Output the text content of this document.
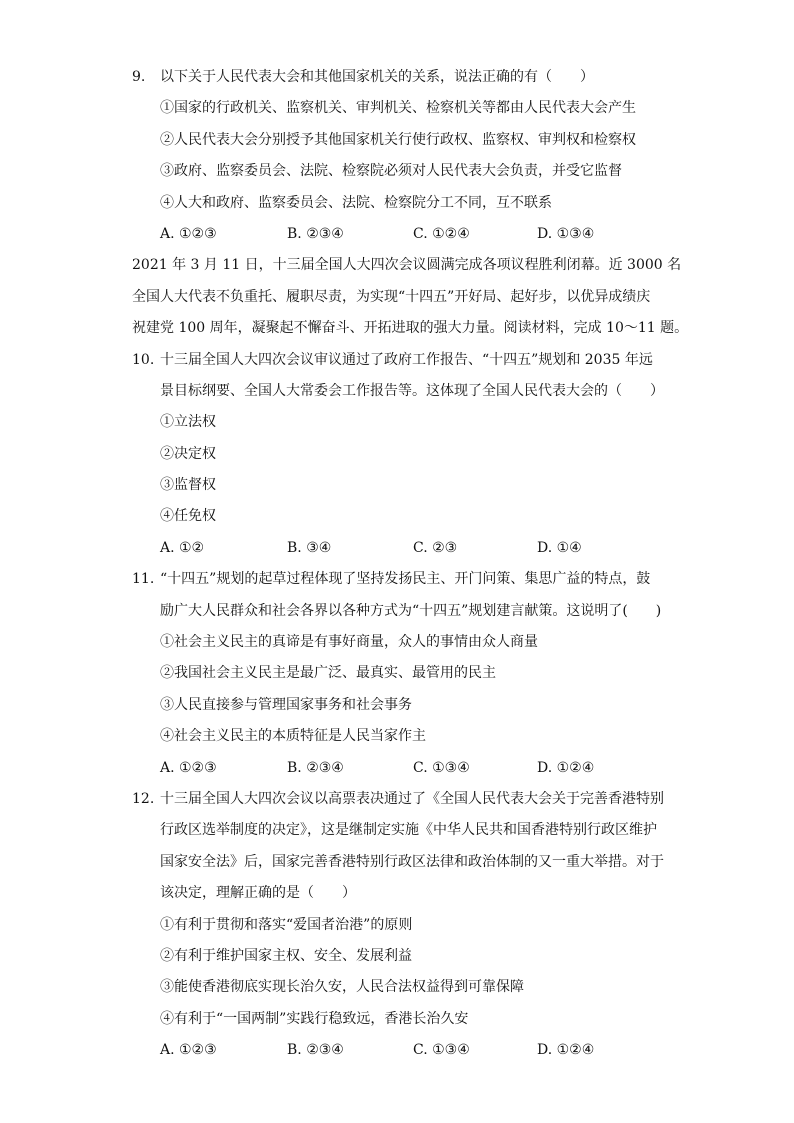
9. 以下关于人民代表大会和其他国家机关的关系，说法正确的有（　　）
①国家的行政机关、监察机关、审判机关、检察机关等都由人民代表大会产生
②人民代表大会分别授予其他国家机关行使行政权、监察权、审判权和检察权
③政府、监察委员会、法院、检察院必须对人民代表大会负责，并受它监督
④人大和政府、监察委员会、法院、检察院分工不同，互不联系
A. ①②③	B. ②③④	C. ①②④	D. ①③④
2021 年 3 月 11 日，十三届全国人大四次会议圆满完成各项议程胜利闭幕。近 3000 名
全国人大代表不负重托、履职尽责，为实现“十四五”开好局、起好步，以优异成绩庆
祝建党 100 周年，凝聚起不懈奋斗、开拓进取的强大力量。阅读材料，完成 10～11 题。
10. 十三届全国人大四次会议审议通过了政府工作报告、“十四五”规划和 2035 年远
景目标纲要、全国人大常委会工作报告等。这体现了全国人民代表大会的（　　）
①立法权
②决定权
③监督权
④任免权
A. ①②	B. ③④	C. ②③	D. ①④
11. “十四五”规划的起草过程体现了坚持发扬民主、开门问策、集思广益的特点，鼓
励广大人民群众和社会各界以各种方式为“十四五”规划建言献策。这说明了(　　)
①社会主义民主的真谛是有事好商量，众人的事情由众人商量
②我国社会主义民主是最广泛、最真实、最管用的民主
③人民直接参与管理国家事务和社会事务
④社会主义民主的本质特征是人民当家作主
A. ①②③	B. ②③④	C. ①③④	D. ①②④
12. 十三届全国人大四次会议以高票表决通过了《全国人民代表大会关于完善香港特别
行政区选举制度的决定》，这是继制定实施《中华人民共和国香港特别行政区维护
国家安全法》后，国家完善香港特别行政区法律和政治体制的又一重大举措。对于
该决定，理解正确的是（　　）
①有利于贯彻和落实“爱国者治港”的原则
②有利于维护国家主权、安全、发展利益
③能使香港彻底实现长治久安，人民合法权益得到可靠保障
④有利于“一国两制”实践行稳致远，香港长治久安
A. ①②③	B. ②③④	C. ①③④	D. ①②④
